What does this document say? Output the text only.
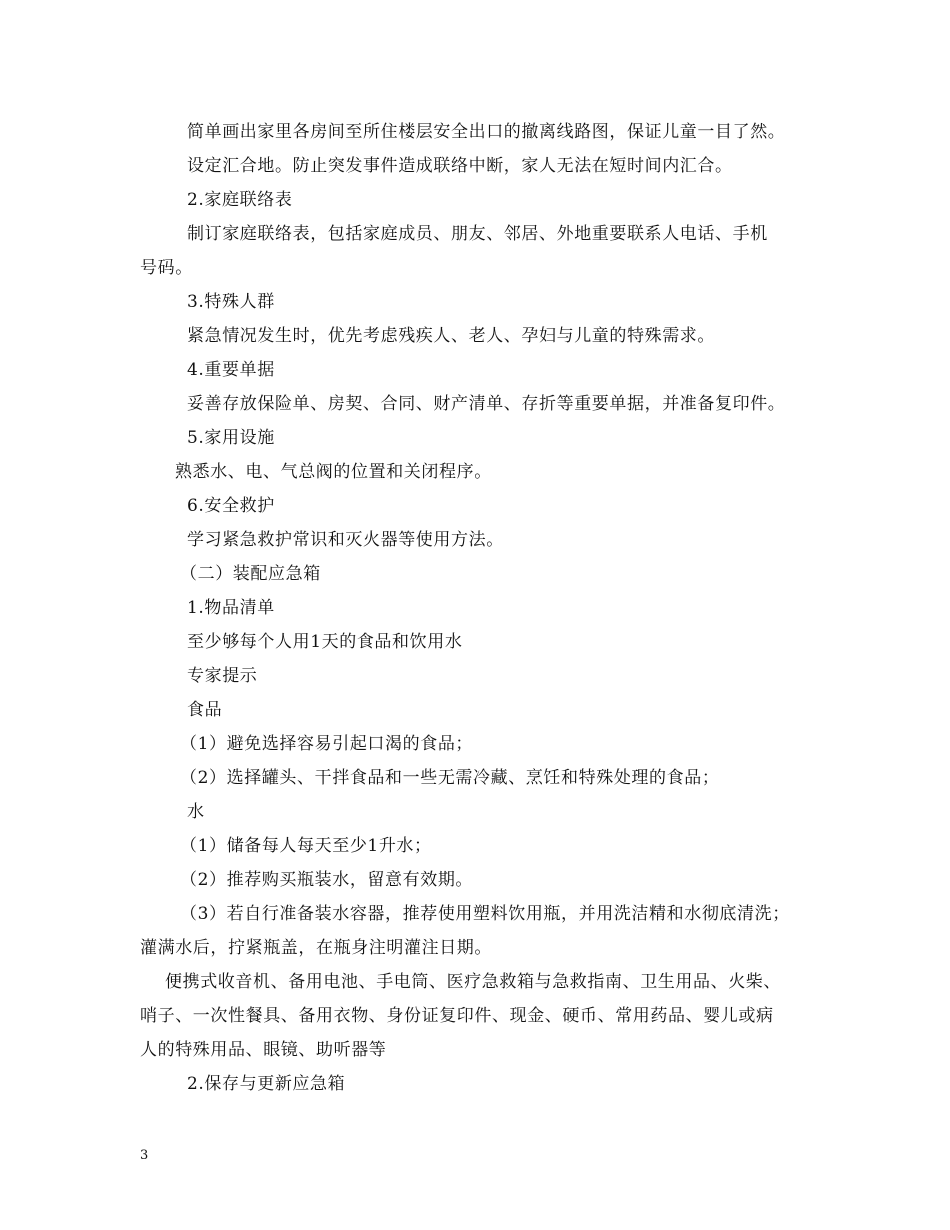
简单画出家里各房间至所住楼层安全出口的撤离线路图，保证儿童一目了然。
设定汇合地。防止突发事件造成联络中断，家人无法在短时间内汇合。
2.家庭联络表
制订家庭联络表，包括家庭成员、朋友、邻居、外地重要联系人电话、手机
号码。
3.特殊人群
紧急情况发生时，优先考虑残疾人、老人、孕妇与儿童的特殊需求。
4.重要单据
妥善存放保险单、房契、合同、财产清单、存折等重要单据，并准备复印件。
5.家用设施
熟悉水、电、气总阀的位置和关闭程序。
6.安全救护
学习紧急救护常识和灭火器等使用方法。
（二）装配应急箱
1.物品清单
至少够每个人用1天的食品和饮用水
专家提示
食品
（1）避免选择容易引起口渴的食品；
（2）选择罐头、干拌食品和一些无需冷藏、烹饪和特殊处理的食品；
水
（1）储备每人每天至少1升水；
（2）推荐购买瓶装水，留意有效期。
（3）若自行准备装水容器，推荐使用塑料饮用瓶，并用洗洁精和水彻底清洗；
灌满水后，拧紧瓶盖，在瓶身注明灌注日期。
便携式收音机、备用电池、手电筒、医疗急救箱与急救指南、卫生用品、火柴、
哨子、一次性餐具、备用衣物、身份证复印件、现金、硬币、常用药品、婴儿或病
人的特殊用品、眼镜、助听器等
2.保存与更新应急箱
3
